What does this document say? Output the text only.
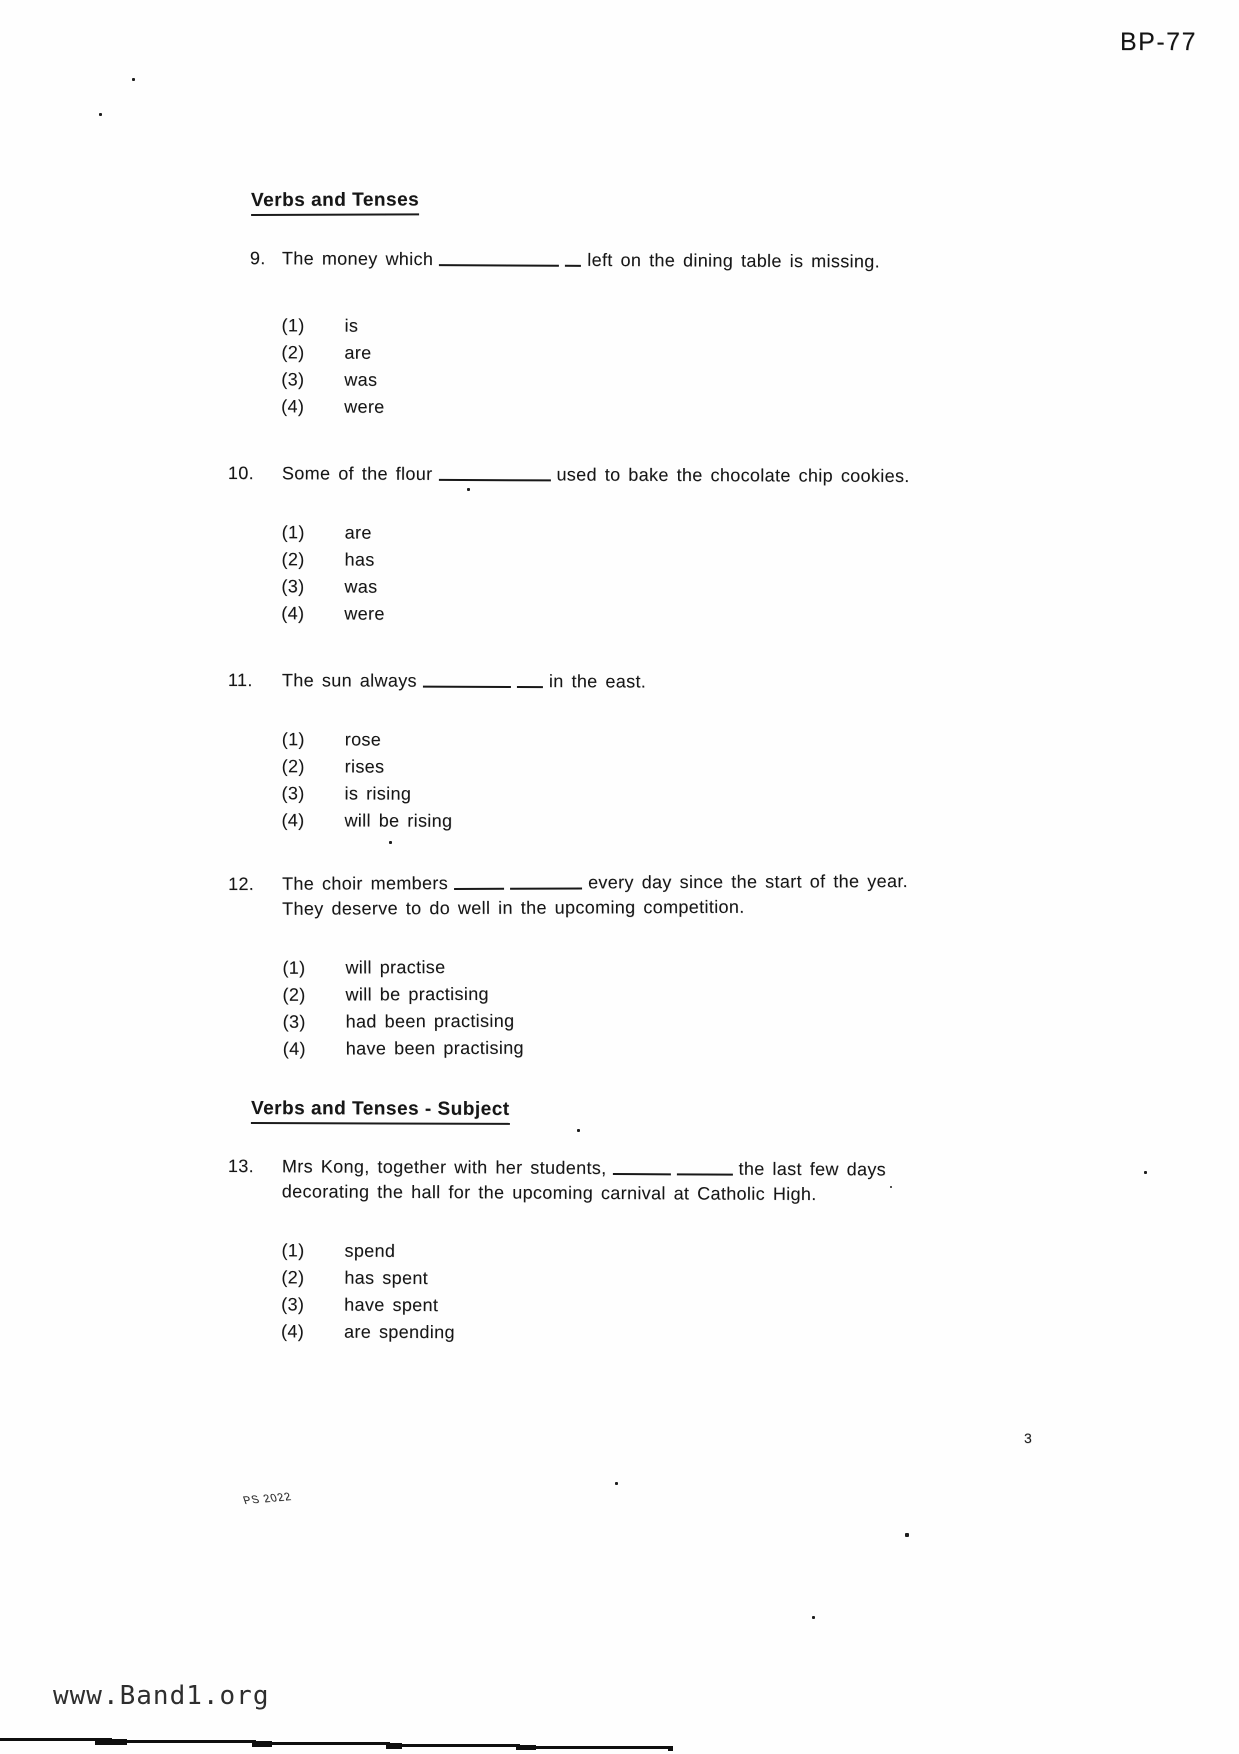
BP-77
Verbs and Tenses
9. The money which	left on the dining table is missing.
(1) is
(2) are
(3) was
(4) were
10. Some of the flour	used to bake the chocolate chip cookies.
(1) are
(2) has
(3) was
(4) were
11. The sun always	in the east.
(1) rose
(2) rises
(3) is rising
(4) will be rising
12. The choir members	every day since the start of the year.
They deserve to do well in the upcoming competition.
(1) will practise
(2) will be practising
(3) had been practising
(4) have been practising
Verbs and Tenses - Subject
13. Mrs Kong, together with her students,	the last few days
decorating the hall for the upcoming carnival at Catholic High.
(1) spend
(2) has spent
(3) have spent
(4) are spending
3
PS 2022
www.Band1.org
